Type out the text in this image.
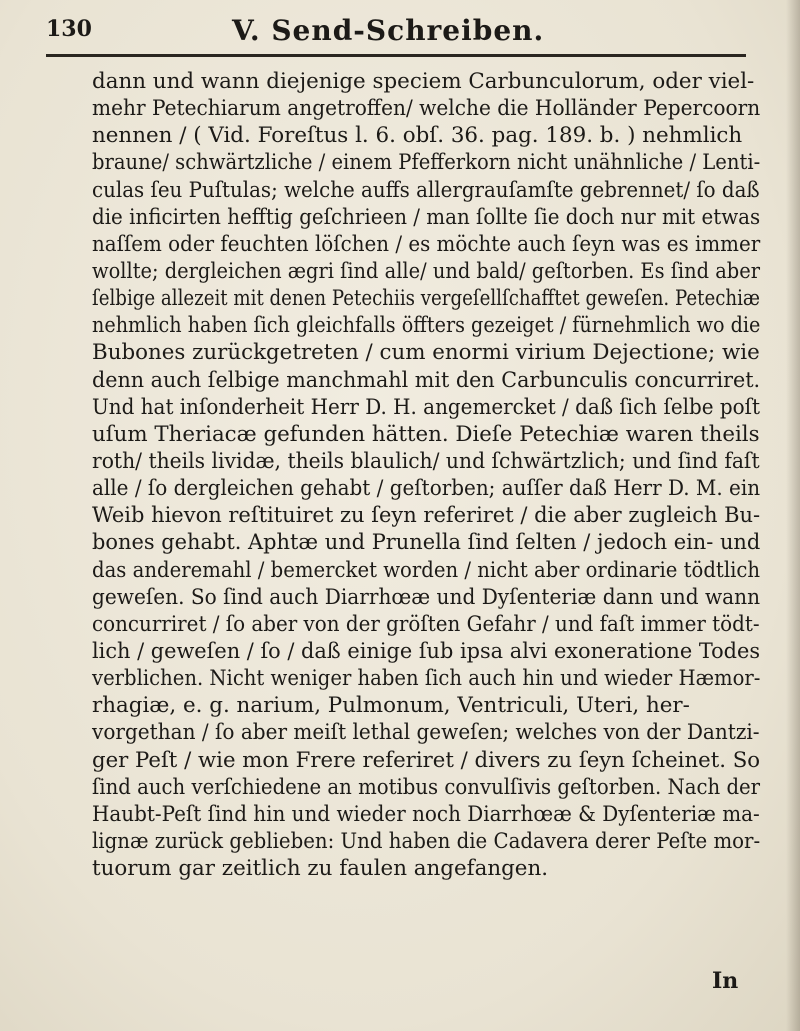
130	V. Send-Schreiben.
dann und wann diejenige speciem Carbunculorum, oder viel-
mehr Petechiarum angetroffen/ welche die Holländer Pepercoorn
nennen / ( Vid. Foreſtus l. 6. obſ. 36. pag. 189. b. ) nehmlich
braune/ schwärtzliche / einem Pfefferkorn nicht unähnliche / Lenti-
culas ſeu Puſtulas; welche auffs allergrauſamſte gebrennet/ ſo daß
die inficirten hefftig geſchrieen / man ſollte ſie doch nur mit etwas
naſſem oder feuchten löſchen / es möchte auch ſeyn was es immer
wollte; dergleichen ægri ſind alle/ und bald/ geſtorben. Es ſind aber
ſelbige allezeit mit denen Petechiis vergeſellſchafftet geweſen. Petechiæ
nehmlich haben ſich gleichfalls öffters gezeiget / fürnehmlich wo die
Bubones zurückgetreten / cum enormi virium Dejectione; wie
denn auch ſelbige manchmahl mit den Carbunculis concurriret.
Und hat inſonderheit Herr D. H. angemercket / daß ſich ſelbe poſt
uſum Theriacæ gefunden hätten. Dieſe Petechiæ waren theils
roth/ theils lividæ, theils blaulich/ und ſchwärtzlich; und ſind faſt
alle / ſo dergleichen gehabt / geſtorben; auſſer daß Herr D. M. ein
Weib hievon reſtituiret zu ſeyn referiret / die aber zugleich Bu-
bones gehabt. Aphtæ und Prunella ſind ſelten / jedoch ein- und
das anderemahl / bemercket worden / nicht aber ordinarie tödtlich
geweſen. So ſind auch Diarrhœæ und Dyſenteriæ dann und wann
concurriret / ſo aber von der gröſten Gefahr / und faſt immer tödt-
lich / geweſen / ſo / daß einige ſub ipsa alvi exoneratione Todes
verblichen. Nicht weniger haben ſich auch hin und wieder Hæmor-
rhagiæ, e. g. narium, Pulmonum, Ventriculi, Uteri, her-
vorgethan / ſo aber meiſt lethal geweſen; welches von der Dantzi-
ger Peſt / wie mon Frere referiret / divers zu ſeyn ſcheinet. So
ſind auch verſchiedene an motibus convulſivis geſtorben. Nach der
Haubt-Peſt ſind hin und wieder noch Diarrhœæ & Dyſenteriæ ma-
lignæ zurück geblieben: Und haben die Cadavera derer Peſte mor-
tuorum gar zeitlich zu faulen angefangen.
In
